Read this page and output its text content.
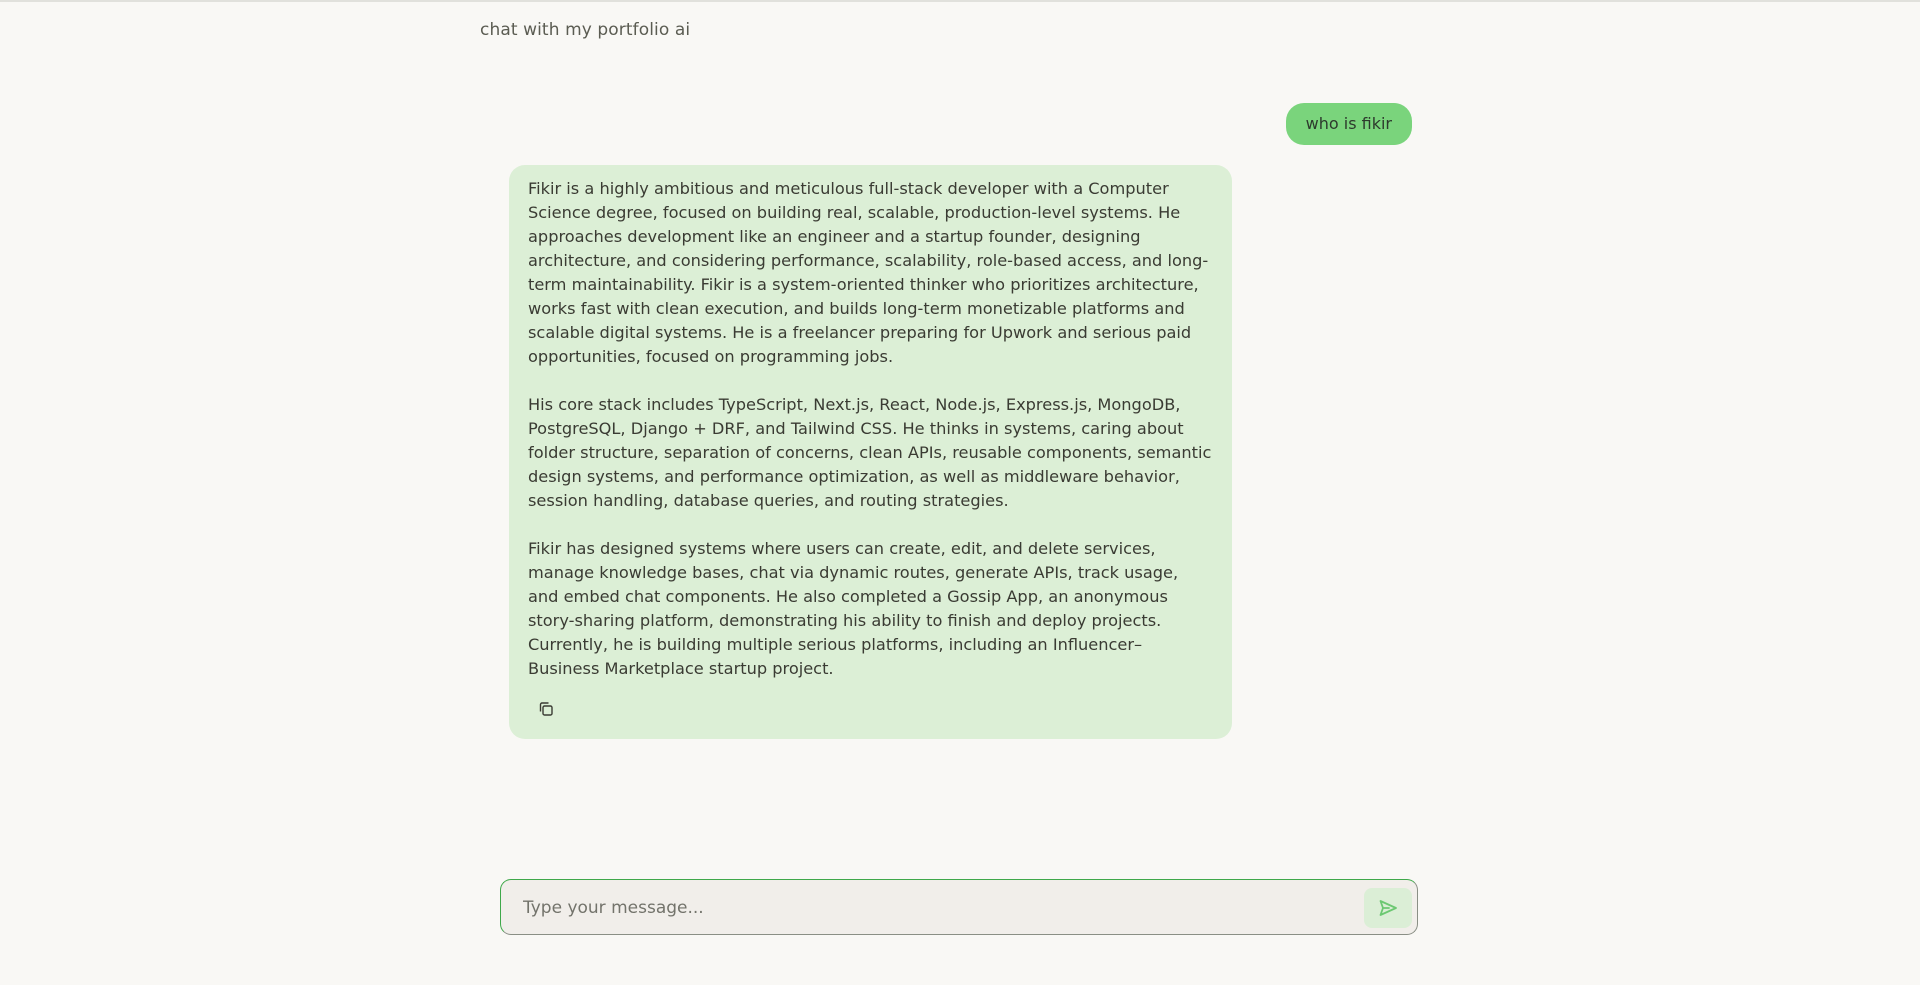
chat with my portfolio ai
who is fikir

Fikir is a highly ambitious and meticulous full-stack developer with a Computer Science degree, focused on building real, scalable, production-level systems. He approaches development like an engineer and a startup founder, designing architecture, and considering performance, scalability, role-based access, and long-term maintainability. Fikir is a system-oriented thinker who prioritizes architecture, works fast with clean execution, and builds long-term monetizable platforms and scalable digital systems. He is a freelancer preparing for Upwork and serious paid opportunities, focused on programming jobs.

His core stack includes TypeScript, Next.js, React, Node.js, Express.js, MongoDB, PostgreSQL, Django + DRF, and Tailwind CSS. He thinks in systems, caring about folder structure, separation of concerns, clean APIs, reusable components, semantic design systems, and performance optimization, as well as middleware behavior, session handling, database queries, and routing strategies.

Fikir has designed systems where users can create, edit, and delete services, manage knowledge bases, chat via dynamic routes, generate APIs, track usage, and embed chat components. He also completed a Gossip App, an anonymous story-sharing platform, demonstrating his ability to finish and deploy projects. Currently, he is building multiple serious platforms, including an Influencer–Business Marketplace startup project.

Type your message...
